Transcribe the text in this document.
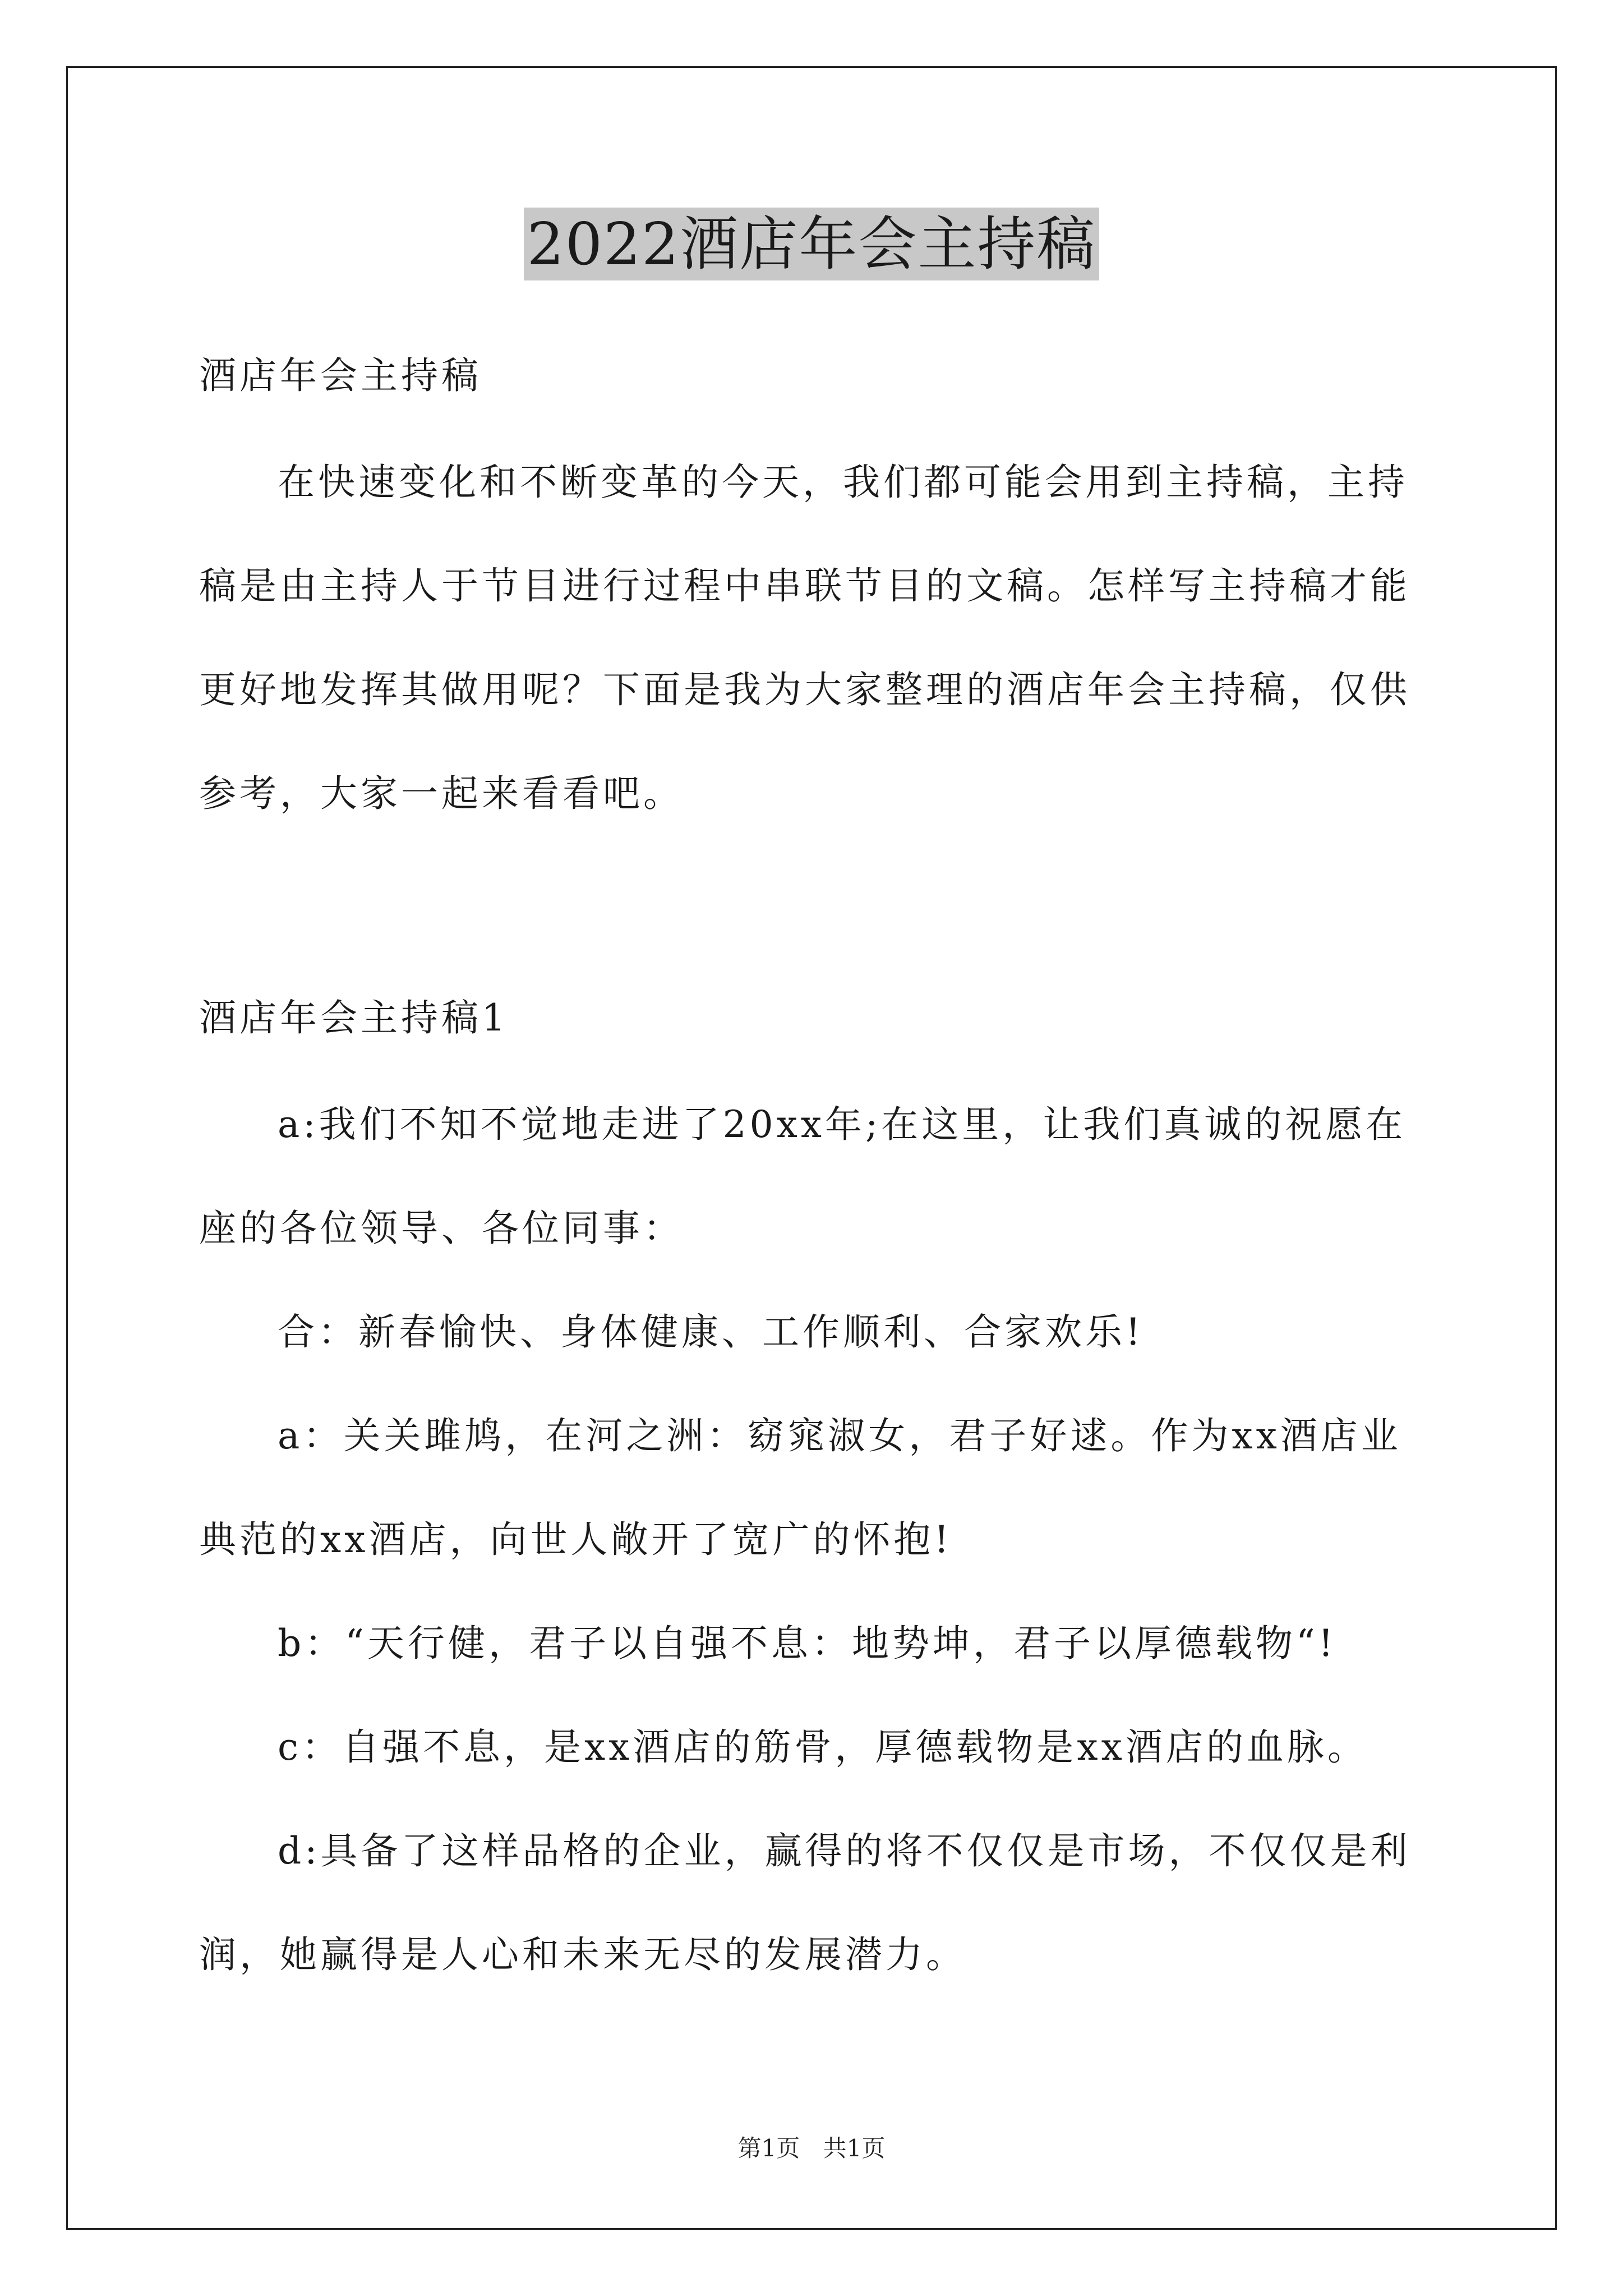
2022酒店年会主持稿
酒店年会主持稿
在快速变化和不断变革的今天，我们都可能会用到主持稿，主持
稿是由主持人于节目进行过程中串联节目的文稿。怎样写主持稿才能
更好地发挥其做用呢？下面是我为大家整理的酒店年会主持稿，仅供
参考，大家一起来看看吧。
酒店年会主持稿1
a:我们不知不觉地走进了20xx年;在这里，让我们真诚的祝愿在
座的各位领导、各位同事：
合：新春愉快、身体健康、工作顺利、合家欢乐!
a：关关雎鸠，在河之洲：窈窕淑女，君子好逑。作为xx酒店业
典范的xx酒店，向世人敞开了宽广的怀抱!
b：“天行健，君子以自强不息：地势坤，君子以厚德载物“!
c：自强不息，是xx酒店的筋骨，厚德载物是xx酒店的血脉。
d:具备了这样品格的企业，赢得的将不仅仅是市场，不仅仅是利
润，她赢得是人心和未来无尽的发展潜力。
第1页 共1页
